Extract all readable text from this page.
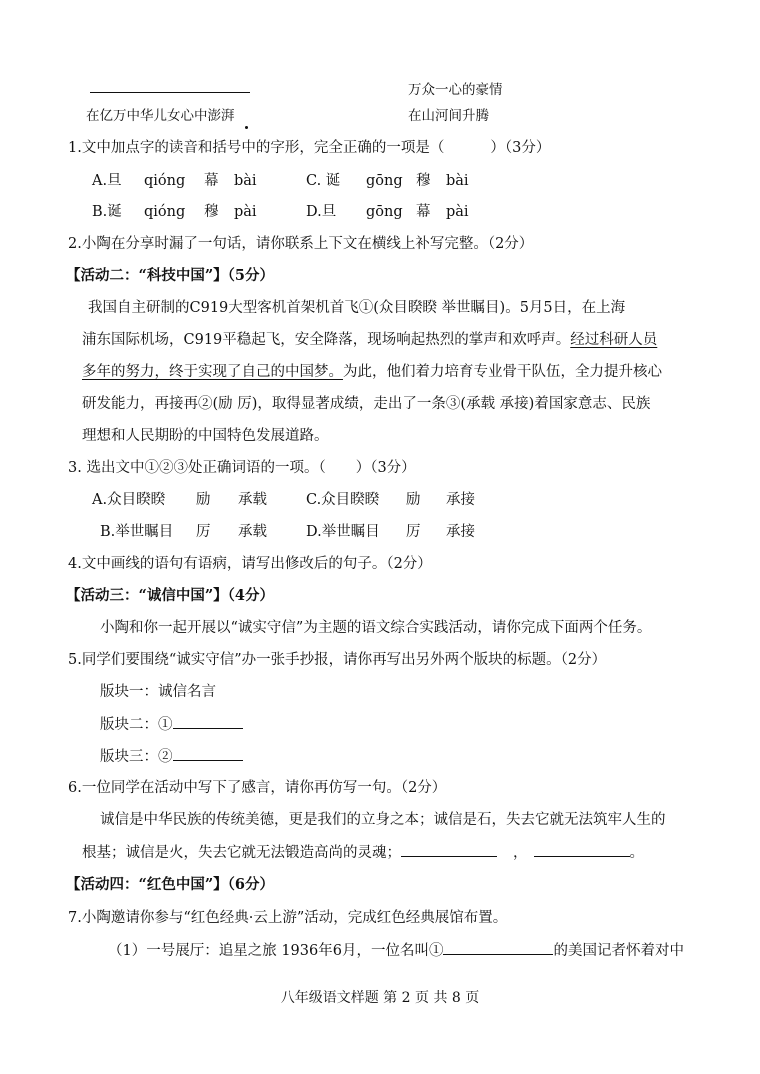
万众一心的豪情
在亿万中华儿女心中澎湃	在山河间升腾
1.文中加点字的读音和括号中的字形，完全正确的一项是（	）（3分）
A.旦 qióng 幕 bài	C. 诞 gōng 穆 bài
B.诞 qióng 穆 pài	D.旦 gōng 幕 pài
2.小陶在分享时漏了一句话，请你联系上下文在横线上补写完整。（2分）
【活动二：“科技中国”】（5分）
我国自主研制的C919大型客机首架机首飞①(众目睽睽 举世瞩目)。5月5日，在上海
浦东国际机场，C919平稳起飞，安全降落，现场响起热烈的掌声和欢呼声。经过科研人员
多年的努力，终于实现了自己的中国梦。为此，他们着力培育专业骨干队伍，全力提升核心
研发能力，再接再②(励 厉)，取得显著成绩，走出了一条③(承载 承接)着国家意志、民族
理想和人民期盼的中国特色发展道路。
3. 选出文中①②③处正确词语的一项。（ ）（3分）
A.众目睽睽 励 承载	C.众目睽睽 励 承接
B.举世瞩目 厉 承载	D.举世瞩目 厉 承接
4.文中画线的语句有语病，请写出修改后的句子。（2分）
【活动三：“诚信中国”】（4分）
小陶和你一起开展以“诚实守信”为主题的语文综合实践活动，请你完成下面两个任务。
5.同学们要围绕“诚实守信”办一张手抄报，请你再写出另外两个版块的标题。（2分）
版块一：诚信名言
版块二：①
版块三：②
6.一位同学在活动中写下了感言，请你再仿写一句。（2分）
诚信是中华民族的传统美德，更是我们的立身之本；诚信是石，失去它就无法筑牢人生的
根基；诚信是火，失去它就无法锻造高尚的灵魂；	，	。
【活动四：“红色中国”】（6分）
7.小陶邀请你参与“红色经典·云上游”活动，完成红色经典展馆布置。
（1）一号展厅：追星之旅 1936年6月，一位名叫①	的美国记者怀着对中
八年级语文样题 第 2 页 共 8 页
